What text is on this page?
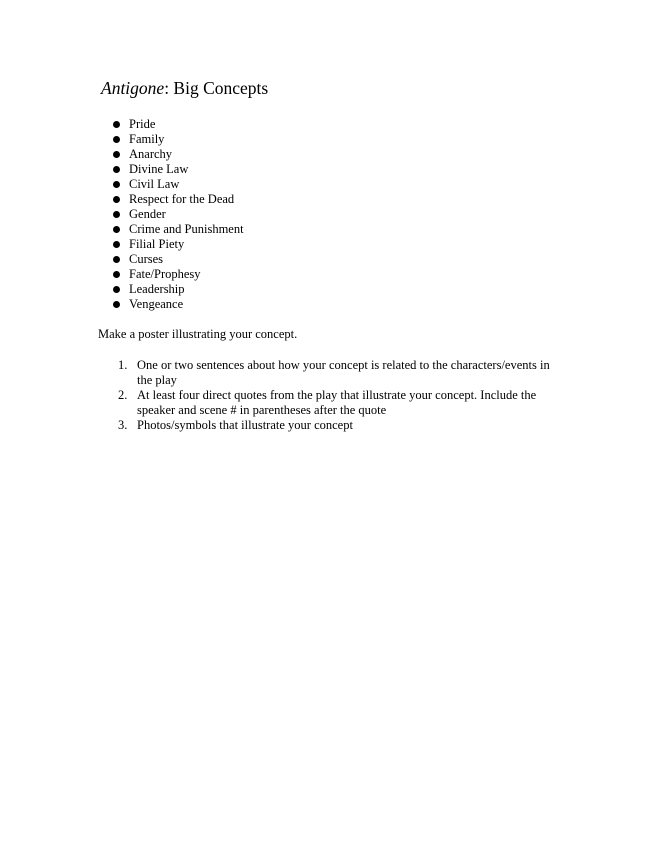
Antigone: Big Concepts
Pride
Family
Anarchy
Divine Law
Civil Law
Respect for the Dead
Gender
Crime and Punishment
Filial Piety
Curses
Fate/Prophesy
Leadership
Vengeance
Make a poster illustrating your concept.
1. One or two sentences about how your concept is related to the characters/events in the play
2. At least four direct quotes from the play that illustrate your concept. Include the speaker and scene # in parentheses after the quote
3. Photos/symbols that illustrate your concept
